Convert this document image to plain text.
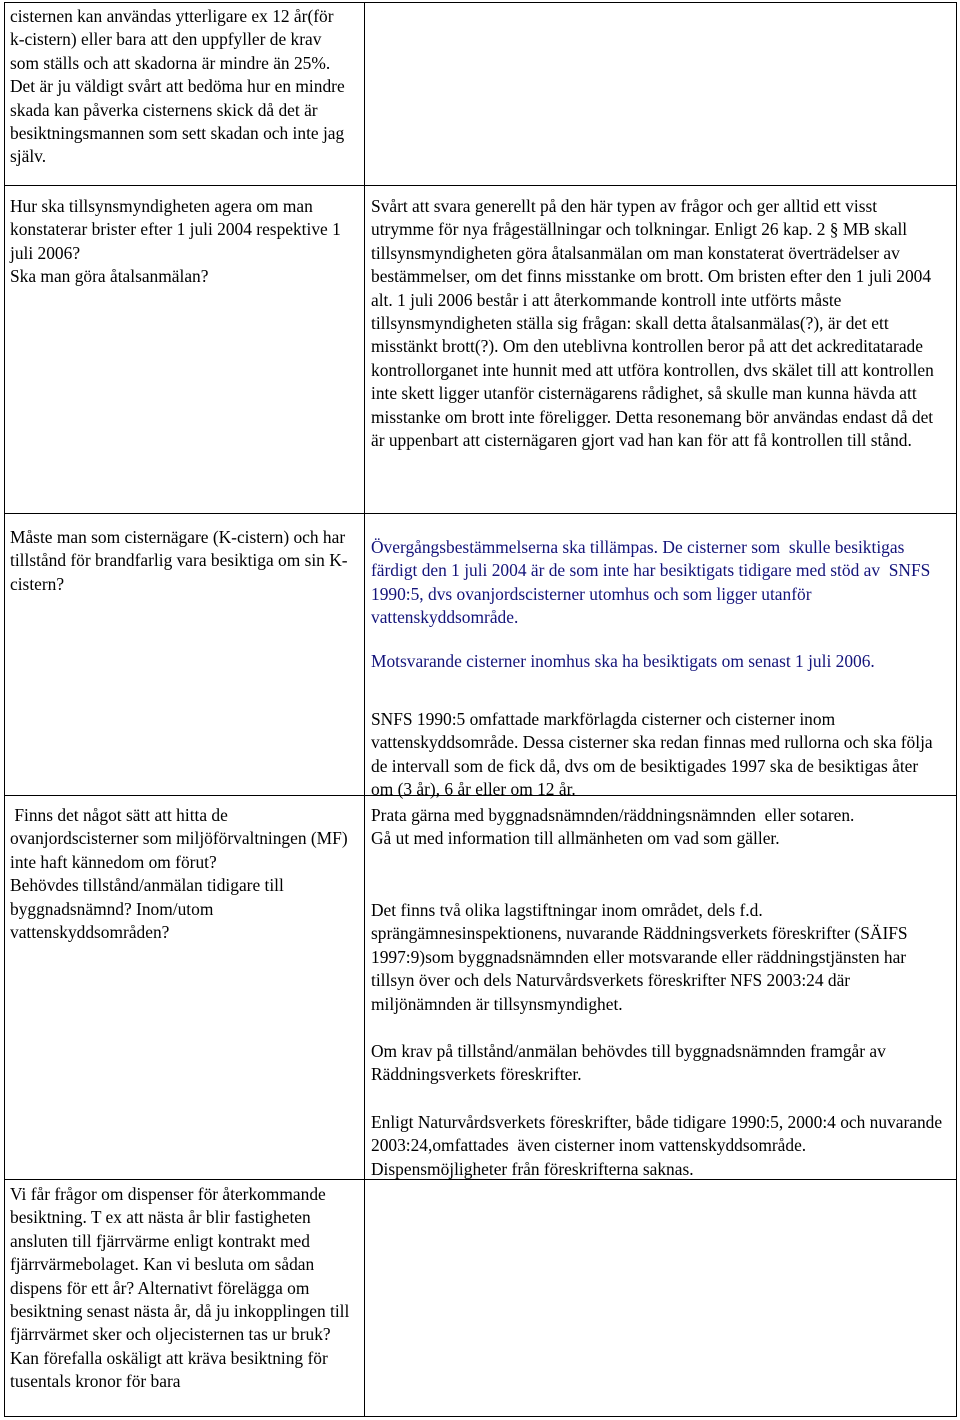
cisternen kan användas ytterligare ex 12 år(för k-cistern) eller bara att den uppfyller de krav som ställs och att skadorna är mindre än 25%. Det är ju väldigt svårt att bedöma hur en mindre skada kan påverka cisternens skick då det är besiktningsmannen som sett skadan och inte jag själv.
Hur ska tillsynsmyndigheten agera om man konstaterar brister efter 1 juli 2004 respektive 1 juli 2006?
Ska man göra åtalsanmälan?
Måste man som cisternägare (K-cistern) och har tillstånd för brandfarlig vara besiktiga om sin K- cistern?
Finns det något sätt att hitta de ovanjordscisterner som miljöförvaltningen (MF) inte haft kännedom om förut?
Behövdes tillstånd/anmälan tidigare till byggnadsnämnd? Inom/utom vattenskyddsområden?
Vi får frågor om dispenser för återkommande besiktning. T ex att nästa år blir fastigheten ansluten till fjärrvärme enligt kontrakt med fjärrvärmebolaget. Kan vi besluta om sådan dispens för ett år? Alternativt förelägga om besiktning senast nästa år, då ju inkopplingen till fjärrvärmet sker och oljecisternen tas ur bruk? Kan förefalla oskäligt att kräva besiktning för tusentals kronor för bara
Svårt att svara generellt på den här typen av frågor och ger alltid ett visst utrymme för nya frågeställningar och tolkningar. Enligt 26 kap. 2 § MB skall tillsynsmyndigheten göra åtalsanmälan om man konstaterat överträdelser av bestämmelser, om det finns misstanke om brott. Om bristen efter den 1 juli 2004 alt. 1 juli 2006 består i att återkommande kontroll inte utförts måste tillsynsmyndigheten ställa sig frågan: skall detta åtalsanmälas(?), är det ett misstänkt brott(?). Om den uteblivna kontrollen beror på att det ackreditatarade kontrollorganet inte hunnit med att utföra kontrollen, dvs skälet till att kontrollen inte skett ligger utanför cisternägarens rådighet, så skulle man kunna hävda att misstanke om brott inte föreligger. Detta resonemang bör användas endast då det är uppenbart att cisternägaren gjort vad han kan för att få kontrollen till stånd.
Övergångsbestämmelserna ska tillämpas. De cisterner som  skulle besiktigas färdigt den 1 juli 2004 är de som inte har besiktigats tidigare med stöd av  SNFS 1990:5, dvs ovanjordscisterner utomhus och som ligger utanför vattenskyddsområde.
Motsvarande cisterner inomhus ska ha besiktigats om senast 1 juli 2006.
SNFS 1990:5 omfattade markförlagda cisterner och cisterner inom vattenskyddsområde. Dessa cisterner ska redan finnas med rullorna och ska följa de intervall som de fick då, dvs om de besiktigades 1997 ska de besiktigas åter om (3 år), 6 år eller om 12 år.
Prata gärna med byggnadsnämnden/räddningsnämnden  eller sotaren.
Gå ut med information till allmänheten om vad som gäller.
Det finns två olika lagstiftningar inom området, dels f.d. sprängämnesinspektionens, nuvarande Räddningsverkets föreskrifter (SÄIFS 1997:9)som byggnadsnämnden eller motsvarande eller räddningstjänsten har tillsyn över och dels Naturvårdsverkets föreskrifter NFS 2003:24 där miljönämnden är tillsynsmyndighet.
Om krav på tillstånd/anmälan behövdes till byggnadsnämnden framgår av Räddningsverkets föreskrifter.
Enligt Naturvårdsverkets föreskrifter, både tidigare 1990:5, 2000:4 och nuvarande 2003:24,omfattades  även cisterner inom vattenskyddsområde.
Dispensmöjligheter från föreskrifterna saknas.
